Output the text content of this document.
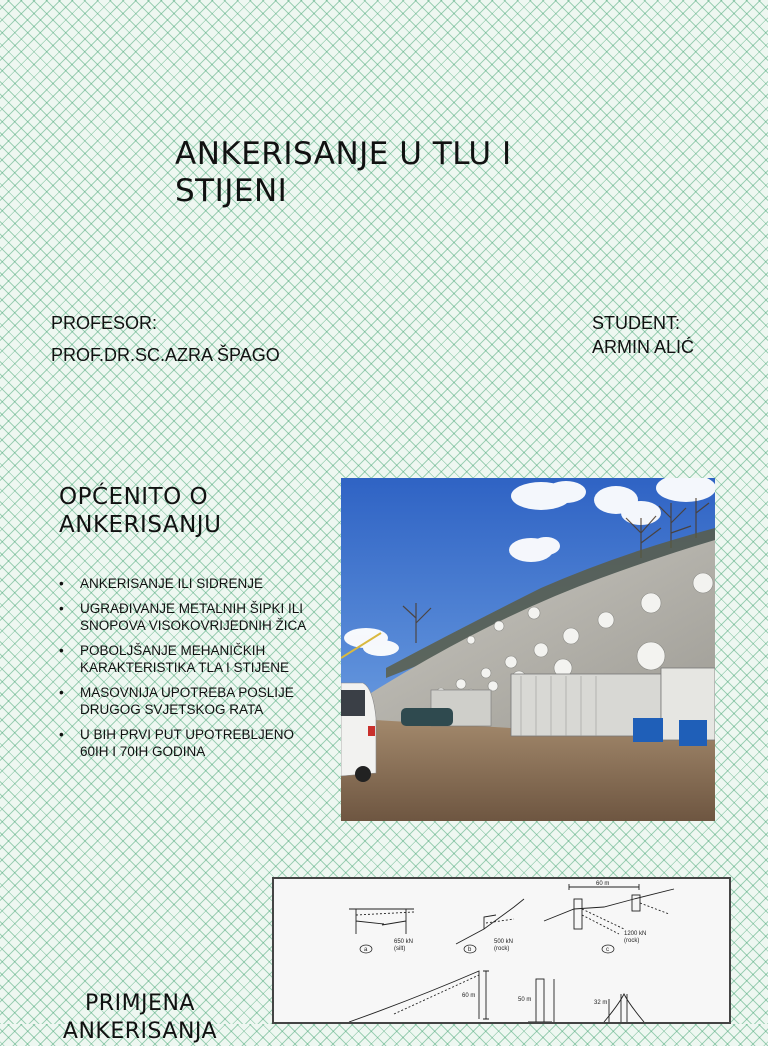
ANKERISANJE U TLU I STIJENI
PROFESOR:
PROF.DR.SC.AZRA ŠPAGO
STUDENT:
ARMIN ALIĆ
OPĆENITO O ANKERISANJU
• ANKERISANJE ILI SIDRENJE
• UGRAĐIVANJE METALNIH ŠIPKI ILI SNOPOVA VISOKOVRIJEDNIH ŽICA
• POBOLJŠANJE MEHANIČKIH KARAKTERISTIKA TLA I STIJENE
• MASOVNIJA UPOTREBA POSLIJE DRUGOG SVJETSKOG RATA
• U BIH PRVI PUT UPOTREBLJENO 60IH I 70IH GODINA
a	b	c
650 kN
(silt)
500 kN
(rock)
1200 kN
(rock)
60 m
60 m
50 m	32 m
PRIMJENA ANKERISANJA
